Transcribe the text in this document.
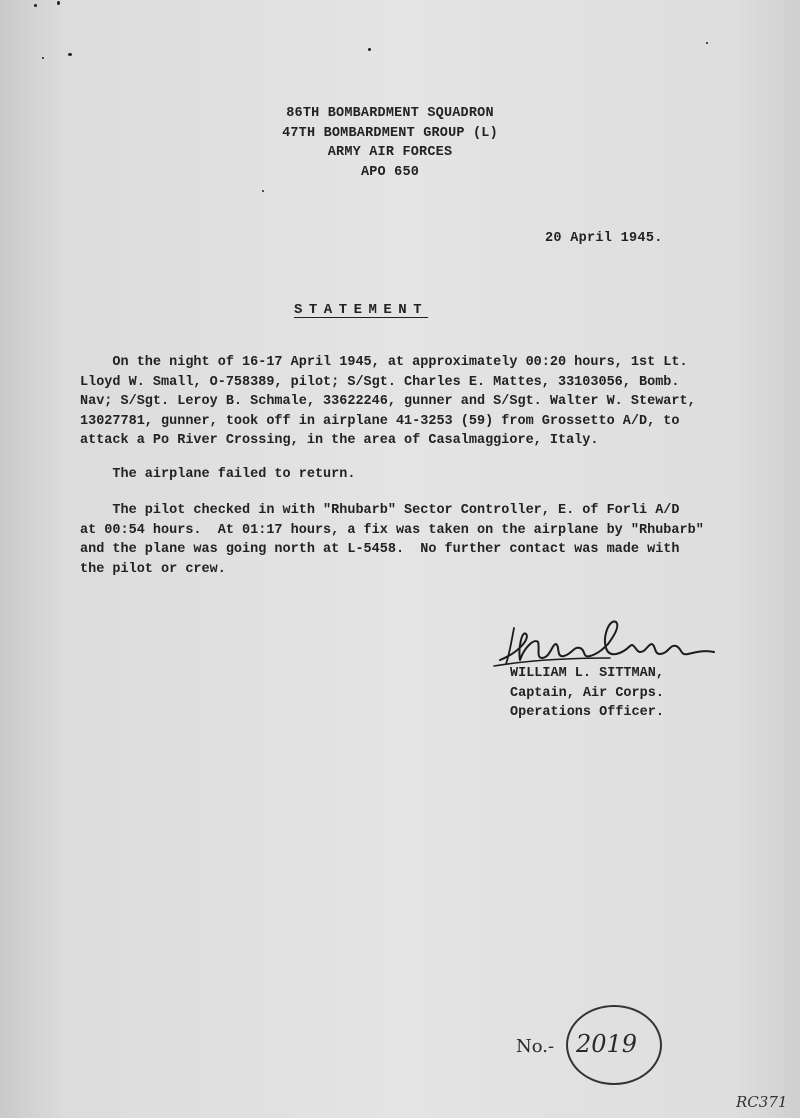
86TH BOMBARDMENT SQUADRON
47TH BOMBARDMENT GROUP (L)
ARMY AIR FORCES
APO 650
20 April 1945.
STATEMENT
On the night of 16-17 April 1945, at approximately 00:20 hours, 1st Lt.
Lloyd W. Small, O-758389, pilot; S/Sgt. Charles E. Mattes, 33103056, Bomb.
Nav; S/Sgt. Leroy B. Schmale, 33622246, gunner and S/Sgt. Walter W. Stewart,
13027781, gunner, took off in airplane 41-3253 (59) from Grossetto A/D, to
attack a Po River Crossing, in the area of Casalmaggiore, Italy.
The airplane failed to return.
The pilot checked in with "Rhubarb" Sector Controller, E. of Forli A/D
at 00:54 hours.  At 01:17 hours, a fix was taken on the airplane by "Rhubarb"
and the plane was going north at L-5458.  No further contact was made with
the pilot or crew.
WILLIAM L. SITTMAN,
Captain, Air Corps.
Operations Officer.
No.- 2019
RC371
